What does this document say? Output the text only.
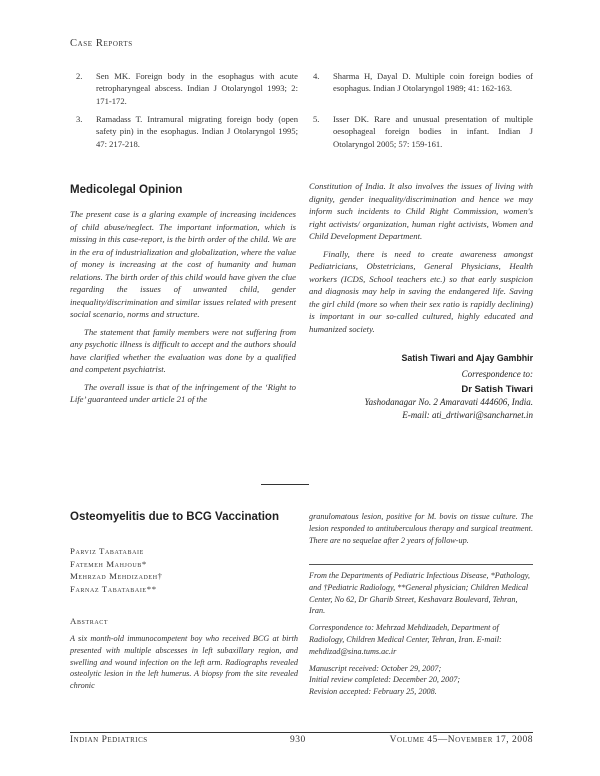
Case Reports
2. Sen MK. Foreign body in the esophagus with acute retropharyngeal abscess. Indian J Otolaryngol 1993; 2: 171-172.
3. Ramadass T. Intramural migrating foreign body (open safety pin) in the esophagus. Indian J Otolaryngol 1995; 47: 217-218.
4. Sharma H, Dayal D. Multiple coin foreign bodies of esophagus. Indian J Otolaryngol 1989; 41: 162-163.
5. Isser DK. Rare and unusual presentation of multiple oesophageal foreign bodies in infant. Indian J Otolaryngol 2005; 57: 159-161.
Medicolegal Opinion

The present case is a glaring example of increasing incidences of child abuse/neglect. The important information, which is missing in this case-report, is the birth order of the child. We are in the era of industrialization and globalization, where the value of money is increasing at the cost of humanity and human relations. The birth order of this child would have given the clue regarding the issues of unwanted child, gender inequality/discrimination and similar issues related with present social scenario, norms and structure.

The statement that family members were not suffering from any psychotic illness is difficult to accept and the authors should have clarified whether the evaluation was done by a qualified and competent psychiatrist.

The overall issue is that of the infringement of the ‘Right to Life’ guaranteed under article 21 of the

Constitution of India. It also involves the issues of living with dignity, gender inequality/discrimination and hence we may inform such incidents to Child Right Commission, women's right activists/ organization, human right activists, Women and Child Development Department.

Finally, there is need to create awareness amongst Pediatricians, Obstetricians, General Physicians, Health workers (ICDS, School teachers etc.) so that early suspicion and diagnosis may help in saving the endangered life. Saving the girl child (more so when their sex ratio is rapidly declining) is important in our so-called cultured, highly educated and humanized society.

Satish Tiwari and Ajay Gambhir
Correspondence to:
Dr Satish Tiwari
Yashodanagar No. 2 Amaravati 444606, India.
E-mail: ati_drtiwari@sancharnet.in
Osteomyelitis due to BCG Vaccination
Parviz Tabatabaie
Fatemeh Mahjoub*
Mehrzad Mehdizadeh†
Farnaz Tabatabaie**
Abstract
A six month-old immunocompetent boy who received BCG at birth presented with multiple abscesses in left subaxillary region, and swelling and wound infection on the left arm. Radiographs revealed osteolytic lesion in the left humerus. A biopsy from the site revealed chronic
granulomatous lesion, positive for M. bovis on tissue culture. The lesion responded to antituberculous therapy and surgical treatment. There are no sequelae after 2 years of follow-up.
From the Departments of Pediatric Infectious Disease, *Pathology, and †Pediatric Radiology, **General physician; Children Medical Center, No 62, Dr Gharib Street, Keshavarz Boulevard, Tehran, Iran.
Correspondence to: Mehrzad Mehdizadeh, Department of Radiology, Children Medical Center, Tehran, Iran. E-mail: mehdizad@sina.tums.ac.ir
Manuscript received: October 29, 2007;
Initial review completed: December 20, 2007;
Revision accepted: February 25, 2008.
Indian Pediatrics	930	Volume 45—November 17, 2008
